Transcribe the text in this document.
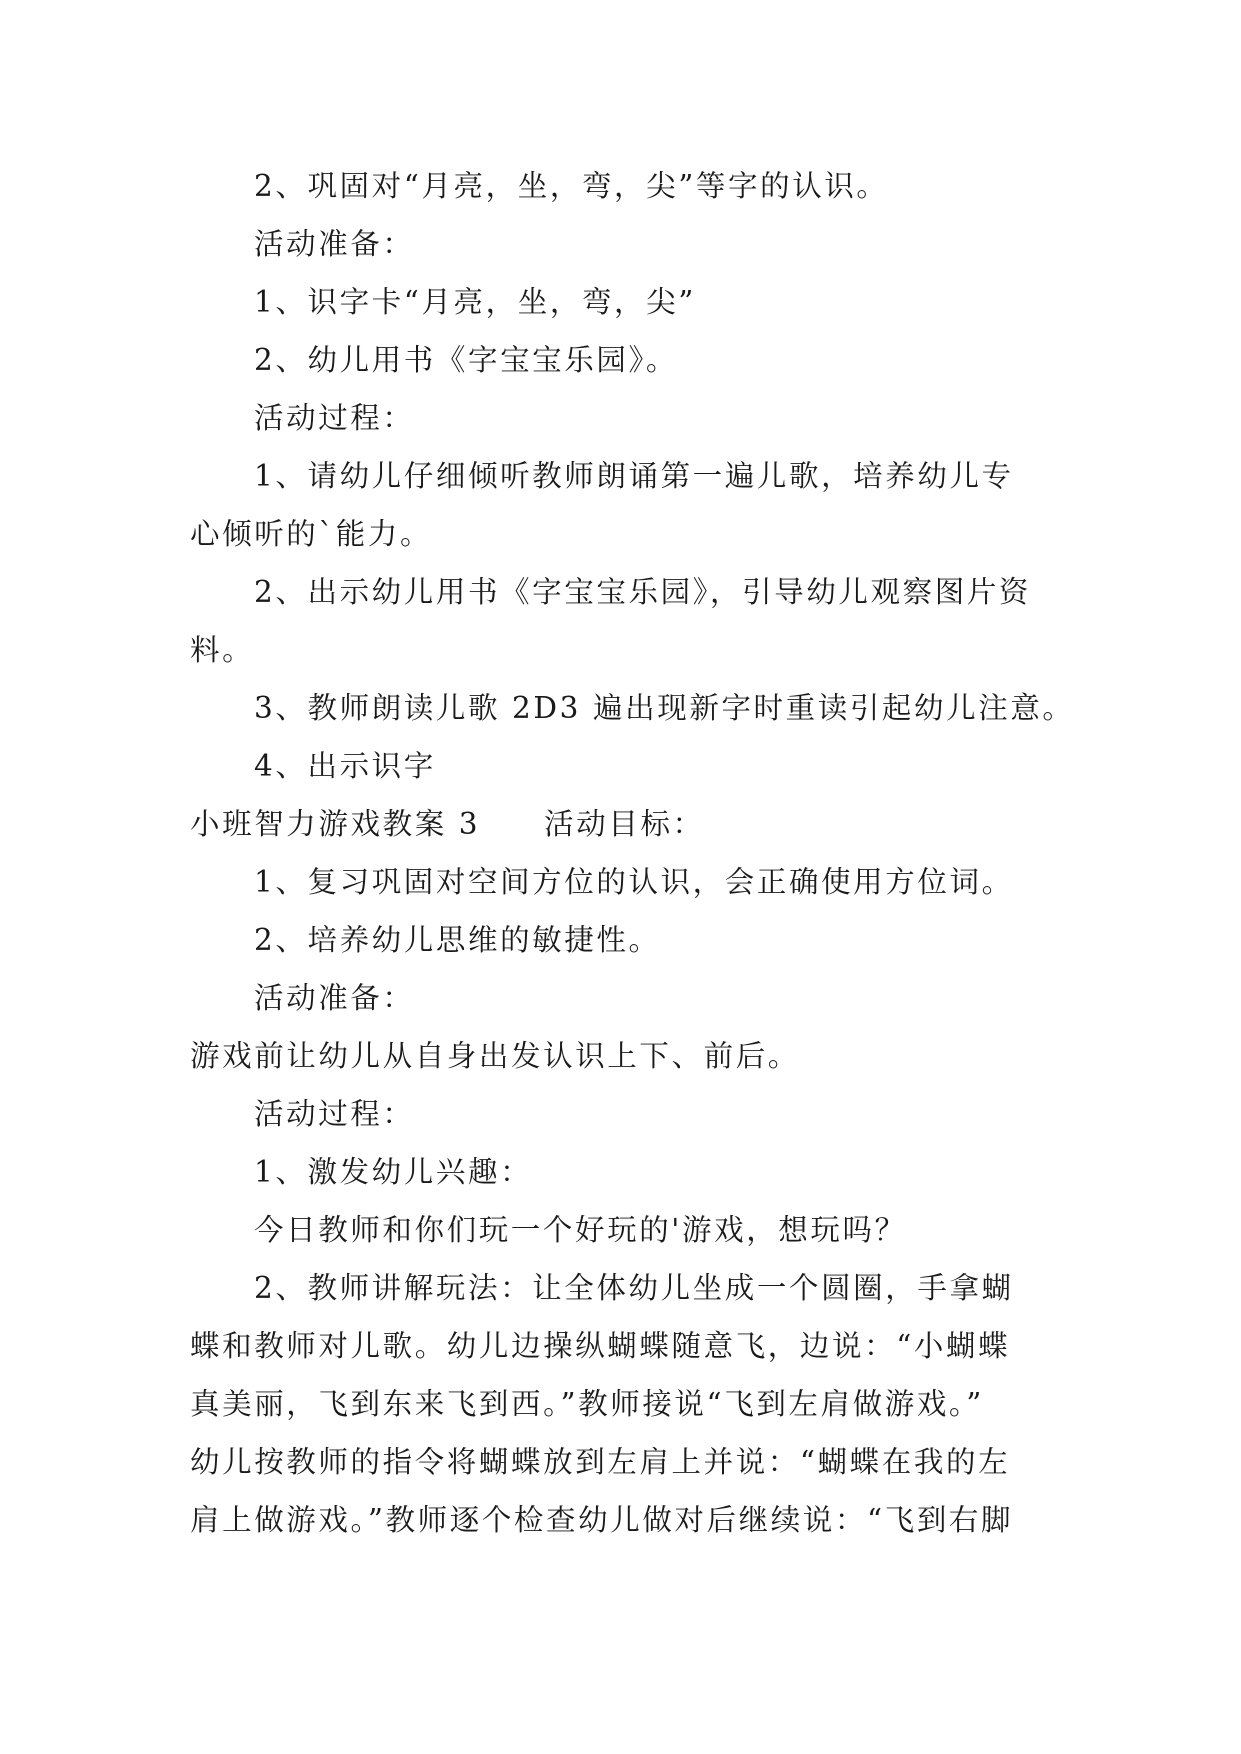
2、巩固对“月亮，坐，弯，尖”等字的认识。
活动准备：
1、识字卡“月亮，坐，弯，尖”
2、幼儿用书《字宝宝乐园》。
活动过程：
1、请幼儿仔细倾听教师朗诵第一遍儿歌，培养幼儿专
心倾听的`能力。
2、出示幼儿用书《字宝宝乐园》，引导幼儿观察图片资
料。
3、教师朗读儿歌 2D3 遍出现新字时重读引起幼儿注意。
4、出示识字
小班智力游戏教案 3 活动目标：
1、复习巩固对空间方位的认识，会正确使用方位词。
2、培养幼儿思维的敏捷性。
活动准备：
游戏前让幼儿从自身出发认识上下、前后。
活动过程：
1、激发幼儿兴趣：
今日教师和你们玩一个好玩的'游戏，想玩吗？
2、教师讲解玩法：让全体幼儿坐成一个圆圈，手拿蝴
蝶和教师对儿歌。幼儿边操纵蝴蝶随意飞，边说：“小蝴蝶
真美丽，飞到东来飞到西。”教师接说“飞到左肩做游戏。”
幼儿按教师的指令将蝴蝶放到左肩上并说：“蝴蝶在我的左
肩上做游戏。”教师逐个检查幼儿做对后继续说：“飞到右脚
